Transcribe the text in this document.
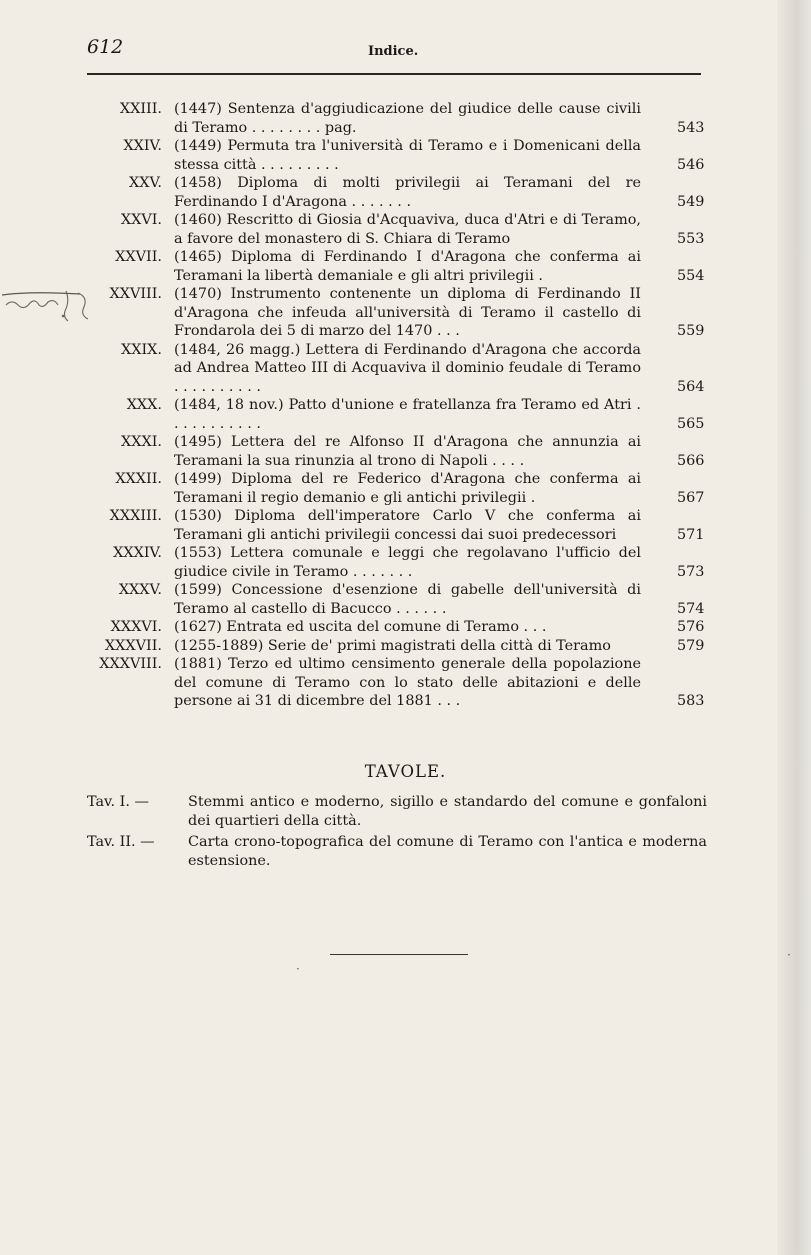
612	Indice.
XXIII. (1447) Sentenza d'aggiudicazione del giudice delle cause civili di Teramo . . . . . . . . pag.	543
XXIV. (1449) Permuta tra l'università di Teramo e i Domenicani della stessa città . . . . . . . . .	546
XXV. (1458) Diploma di molti privilegii ai Teramani del re Ferdinando I d'Aragona . . . . . . .	549
XXVI. (1460) Rescritto di Giosia d'Acquaviva, duca d'Atri e di Teramo, a favore del monastero di S. Chiara di Teramo	553
XXVII. (1465) Diploma di Ferdinando I d'Aragona che conferma ai Teramani la libertà demaniale e gli altri privilegii .	554
XXVIII. (1470) Instrumento contenente un diploma di Ferdinando II d'Aragona che infeuda all'università di Teramo il castello di Frondarola dei 5 di marzo del 1470 . . .	559
XXIX. (1484, 26 magg.) Lettera di Ferdinando d'Aragona che accorda ad Andrea Matteo III di Acquaviva il dominio feudale di Teramo . . . . . . . . . .	564
XXX. (1484, 18 nov.) Patto d'unione e fratellanza fra Teramo ed Atri . . . . . . . . . . .	565
XXXI. (1495) Lettera del re Alfonso II d'Aragona che annunzia ai Teramani la sua rinunzia al trono di Napoli . . . .	566
XXXII. (1499) Diploma del re Federico d'Aragona che conferma ai Teramani il regio demanio e gli antichi privilegii .	567
XXXIII. (1530) Diploma dell'imperatore Carlo V che conferma ai Teramani gli antichi privilegii concessi dai suoi predecessori	571
XXXIV. (1553) Lettera comunale e leggi che regolavano l'ufficio del giudice civile in Teramo . . . . . . .	573
XXXV. (1599) Concessione d'esenzione di gabelle dell'università di Teramo al castello di Bacucco . . . . . .	574
XXXVI. (1627) Entrata ed uscita del comune di Teramo . . .	576
XXXVII. (1255-1889) Serie de' primi magistrati della città di Teramo	579
XXXVIII. (1881) Terzo ed ultimo censimento generale della popolazione del comune di Teramo con lo stato delle abitazioni e delle persone ai 31 di dicembre del 1881 . . .	583
TAVOLE.
Tav. I. —	Stemmi antico e moderno, sigillo e standardo del comune e gonfaloni dei quartieri della città.
Tav. II. — Carta crono-topografica del comune di Teramo con l'antica e moderna estensione.
·
·
